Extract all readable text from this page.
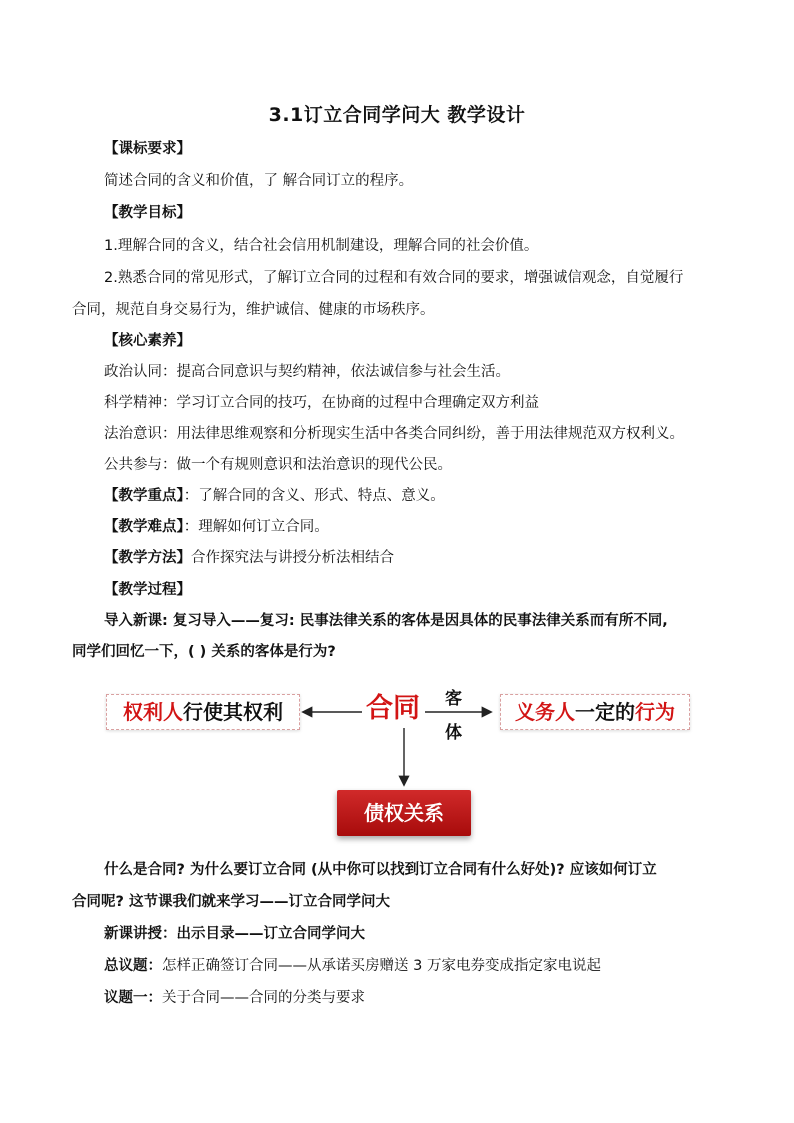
3.1订立合同学问大 教学设计
【课标要求】
简述合同的含义和价值，了 解合同订立的程序。
【教学目标】
1.理解合同的含义，结合社会信用机制建设，理解合同的社会价值。
2.熟悉合同的常见形式，了解订立合同的过程和有效合同的要求，增强诚信观念，自觉履行
合同，规范自身交易行为，维护诚信、健康的市场秩序。
【核心素养】
政治认同：提高合同意识与契约精神，依法诚信参与社会生活。
科学精神：学习订立合同的技巧，在协商的过程中合理确定双方利益
法治意识：用法律思维观察和分析现实生活中各类合同纠纷，善于用法律规范双方权利义。
公共参与：做一个有规则意识和法治意识的现代公民。
【教学重点】：了解合同的含义、形式、特点、意义。
【教学难点】：理解如何订立合同。
【教学方法】合作探究法与讲授分析法相结合
【教学过程】
导入新课: 复习导入——复习: 民事法律关系的客体是因具体的民事法律关系而有所不同,
同学们回忆一下，( ) 关系的客体是行为?
权利人行使其权利	合同 客
体
义务人一定的行为
债权关系
什么是合同? 为什么要订立合同 (从中你可以找到订立合同有什么好处)? 应该如何订立
合同呢? 这节课我们就来学习——订立合同学问大
新课讲授：出示目录——订立合同学问大
总议题：怎样正确签订合同——从承诺买房赠送 3 万家电券变成指定家电说起
议题一：关于合同——合同的分类与要求
